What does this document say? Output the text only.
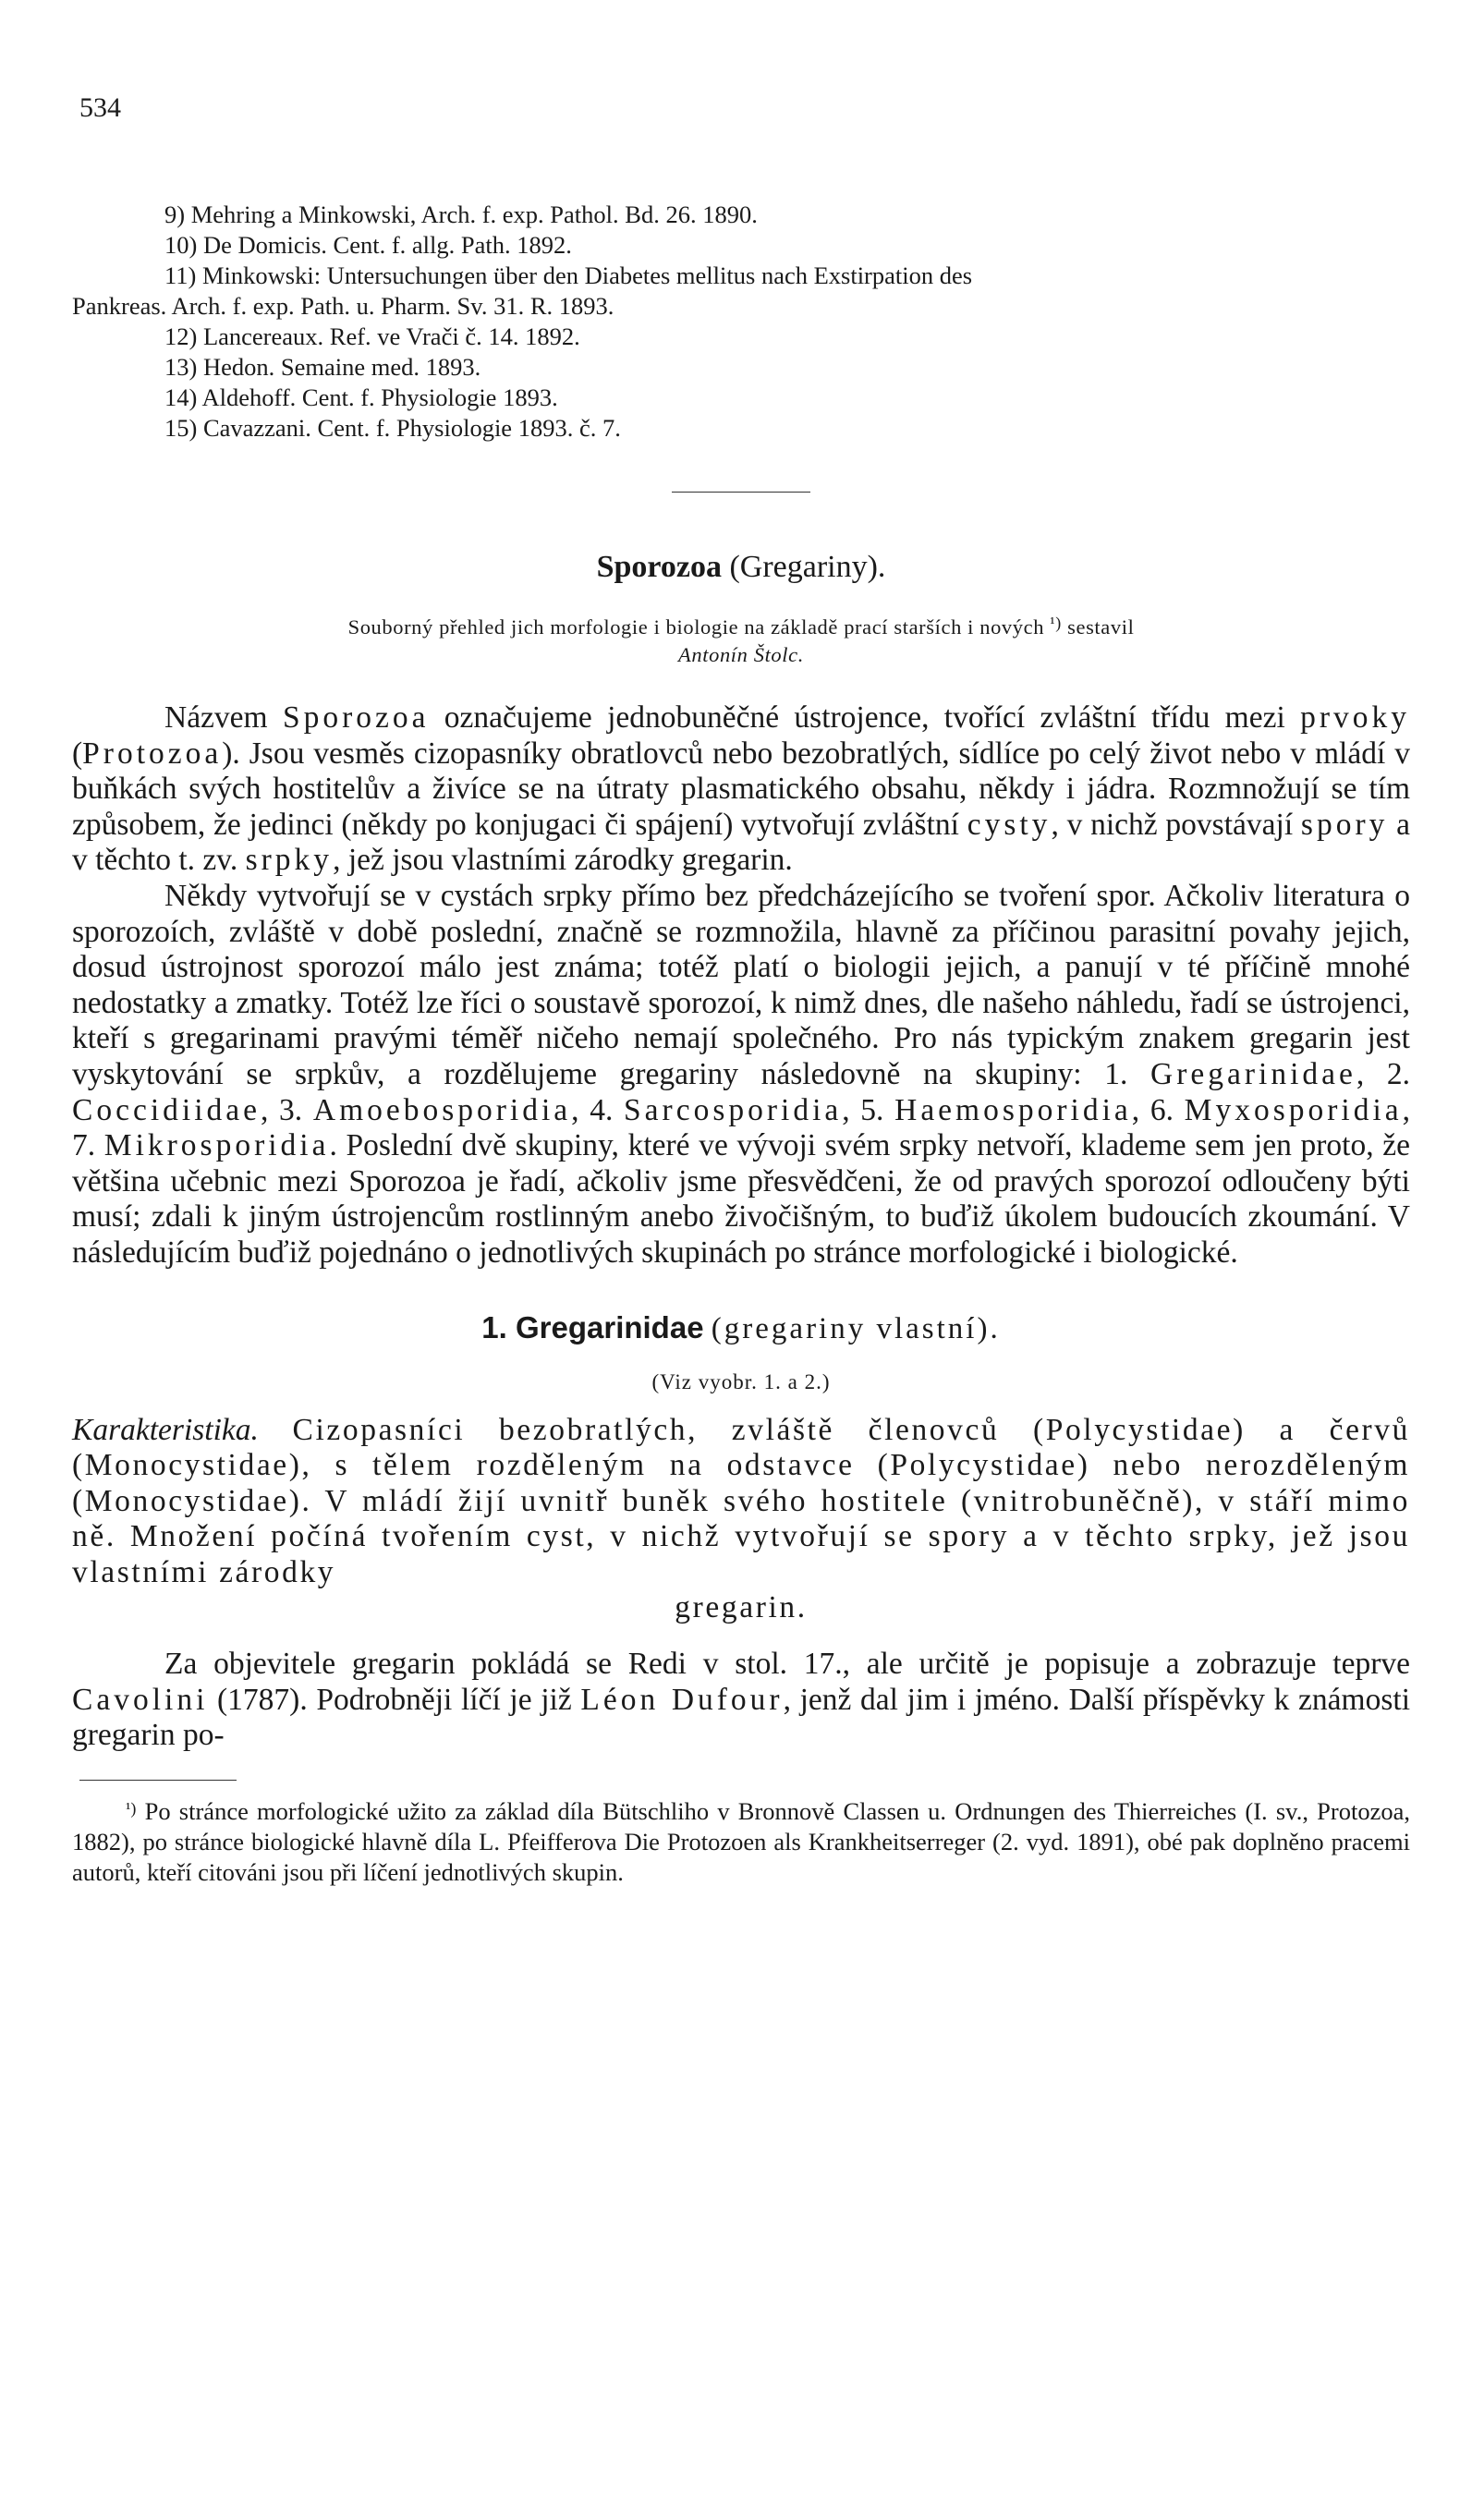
534

9) Mehring a Minkowski, Arch. f. exp. Pathol. Bd. 26. 1890.

10) De Domicis. Cent. f. allg. Path. 1892.

11) Minkowski: Untersuchungen über den Diabetes mellitus nach Exstirpation des

Pankreas. Arch. f. exp. Path. u. Pharm. Sv. 31. R. 1893.

12) Lancereaux. Ref. ve Vrači č. 14. 1892.

13) Hedon. Semaine med. 1893.

14) Aldehoff. Cent. f. Physiologie 1893.

15) Cavazzani. Cent. f. Physiologie 1893. č. 7.

Sporozoa (Gregariny).
Souborný přehled jich morfologie i biologie na základě prací starších i nových $^{^1)}$ sestavil
Antonín Štolc.

Názvem Sporozoa označujeme jednobuněčné ústrojence, tvořící zvláštní třídu mezi prvoky (Protozoa). Jsou vesměs cizopasníky obratlovců nebo bezobratlých, sídlíce po celý život nebo v mládí v buňkách svých hostitelův a živíce se na útraty plasmatického obsahu, někdy i jádra. Rozmnožují se tím způsobem, že jedinci (někdy po konjugaci či spájení) vytvořují zvláštní cysty, v nichž povstávají spory a v těchto t. zv. srpky, jež jsou vlastními zárodky gregarin.

Někdy vytvořují se v cystách srpky přímo bez předcházejícího se tvoření spor. Ačkoliv literatura o sporozoích, zvláště v době poslední, značně se rozmnožila, hlavně za příčinou parasitní povahy jejich, dosud ústrojnost sporozoí málo jest známa; totéž platí o biologii jejich, a panují v té příčině mnohé nedostatky a zmatky. Totéž lze říci o soustavě sporozoí, k nimž dnes, dle našeho náhledu, řadí se ústrojenci, kteří s gregarinami pravými téměř ničeho nemají společného. Pro nás typickým znakem gregarin jest vyskytování se srpkův, a rozdělujeme gregariny následovně na skupiny: 1. Gregarinidae, 2. Coccidiidae, 3. Amoebosporidia, 4. Sarcosporidia, 5. Haemosporidia, 6. Myxosporidia, 7. Mikrosporidia. Poslední dvě skupiny, které ve vývoji svém srpky netvoří, klademe sem jen proto, že většina učebnic mezi Sporozoa je řadí, ačkoliv jsme přesvědčeni, že od pravých sporozoí odloučeny býti musí; zdali k jiným ústrojencům rostlinným anebo živočišným, to buďiž úkolem budoucích zkoumání. V následujícím buďiž pojednáno o jednotlivých skupinách po stránce morfologické i biologické.

1. Gregarinidae (gregariny vlastní).
(Viz vyobr. 1. a 2.)

Karakteristika. Cizopasníci bezobratlých, zvláště členovců (Polycystidae) a červů (Monocystidae), s tělem rozděleným na odstavce (Polycystidae) nebo nerozděleným (Monocystidae). V mládí žijí uvnitř buněk svého hostitele (vnitrobuněčně), v stáří mimo ně. Množení počíná tvořením cyst, v nichž vytvořují se spory a v těchto srpky, jež jsou vlastními zárodky
gregarin.

Za objevitele gregarin pokládá se Redi v stol. 17., ale určitě je popisuje a zobrazuje teprve Cavolini (1787). Podrobněji líčí je již Léon Dufour, jenž dal jim i jméno. Další příspěvky k známosti gregarin po-

$^{^1)}$ Po stránce morfologické užito za základ díla Bütschliho v Bronnově Classen u. Ordnungen des Thierreiches (I. sv., Protozoa, 1882), po stránce biologické hlavně díla L. Pfeifferova Die Protozoen als Krankheitserreger (2. vyd. 1891), obé pak doplněno pracemi autorů, kteří citováni jsou při líčení jednotlivých skupin.
